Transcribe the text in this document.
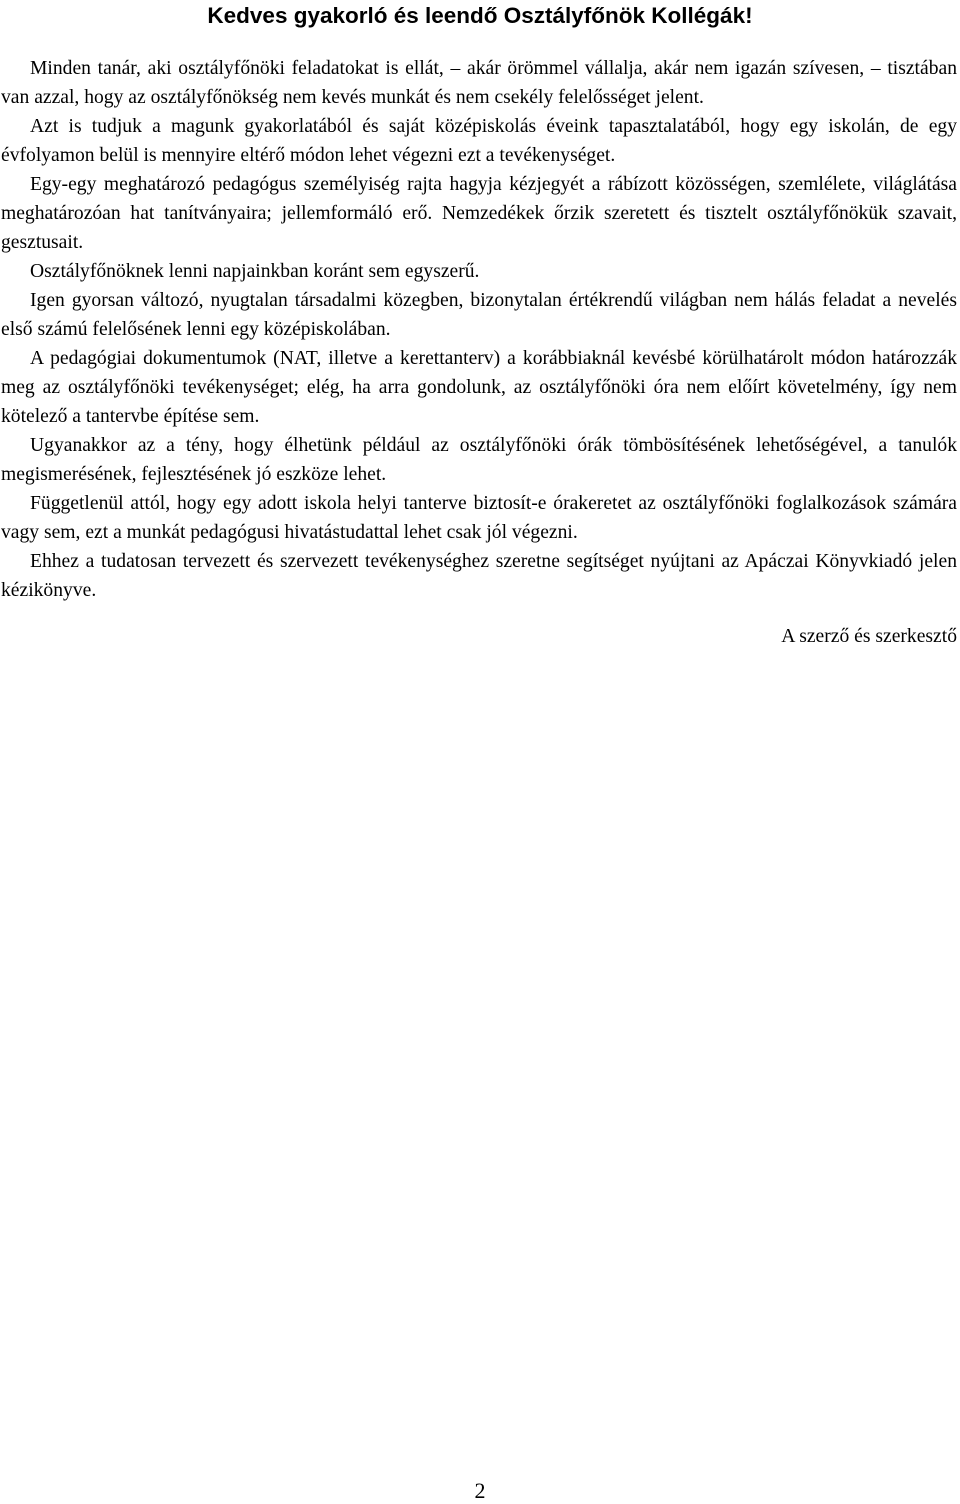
Kedves gyakorló és leendő Osztályfőnök Kollégák!

Minden tanár, aki osztályfőnöki feladatokat is ellát, – akár örömmel vállalja, akár nem igazán szívesen, – tisztában van azzal, hogy az osztályfőnökség nem kevés munkát és nem csekély felelősséget jelent.

Azt is tudjuk a magunk gyakorlatából és saját középiskolás éveink tapasztalatából, hogy egy iskolán, de egy évfolyamon belül is mennyire eltérő módon lehet végezni ezt a tevékenységet.

Egy-egy meghatározó pedagógus személyiség rajta hagyja kézjegyét a rábízott közösségen, szemlélete, világlátása meghatározóan hat tanítványaira; jellemformáló erő. Nemzedékek őrzik szeretett és tisztelt osztályfőnökük szavait, gesztusait.

Osztályfőnöknek lenni napjainkban koránt sem egyszerű.

Igen gyorsan változó, nyugtalan társadalmi közegben, bizonytalan értékrendű világban nem hálás feladat a nevelés első számú felelősének lenni egy középiskolában.

A pedagógiai dokumentumok (NAT, illetve a kerettanterv) a korábbiaknál kevésbé körülhatárolt módon határozzák meg az osztályfőnöki tevékenységet; elég, ha arra gondolunk, az osztályfőnöki óra nem előírt követelmény, így nem kötelező a tantervbe építése sem.

Ugyanakkor az a tény, hogy élhetünk például az osztályfőnöki órák tömbösítésének lehetőségével, a tanulók megismerésének, fejlesztésének jó eszköze lehet.

Függetlenül attól, hogy egy adott iskola helyi tanterve biztosít-e órakeretet az osztályfőnöki foglalkozások számára vagy sem, ezt a munkát pedagógusi hivatástudattal lehet csak jól végezni.

Ehhez a tudatosan tervezett és szervezett tevékenységhez szeretne segítséget nyújtani az Apáczai Könyvkiadó jelen kézikönyve.

A szerző és szerkesztő

2
